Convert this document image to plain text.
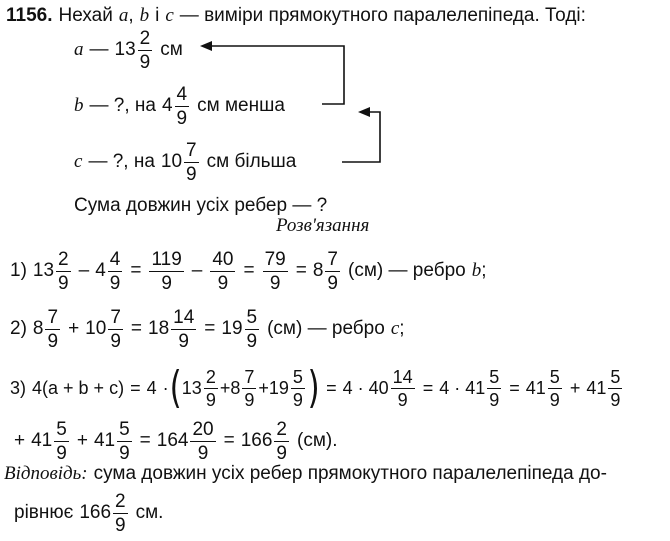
1156. Нехай a , b і c — виміри прямокутного паралелепіпеда. Тоді:
a — $13 \frac{2}{9}$ см
b — ?, на $4 \frac{4}{9}$ см менша
c — ?, на $10 \frac{7}{9}$ см більша
Сума довжин усіх ребер — ?
Розв'язання
1) $13 \frac{2}{9} - 4 \frac{4}{9} = \frac{119}{9} - \frac{40}{9} = \frac{79}{9} = 8 \frac{7}{9} (см)$ — ребро b ;
2) $8 \frac{7}{9} + 10 \frac{7}{9} = 18 \frac{14}{9} = 19 \frac{5}{9} (см)$ — ребро c ;
3) 4(a + b + c) = 4 · ( $13 \frac{2}{9} + 8 \frac{7}{9} + 19 \frac{5}{9}$ ) = $4 \cdot 40 \frac{14}{9} = 4 \cdot 41 \frac{5}{9} = 41 \frac{5}{9} + 41 \frac{5}{9}$
+ $41 \frac{5}{9} + 41 \frac{5}{9} = 164 \frac{20}{9} = 166 \frac{2}{9} (см)$.
Відповідь: сума довжин усіх ребер прямокутного паралелепіпеда до-
рівнює $166 \frac{2}{9}$ см.
